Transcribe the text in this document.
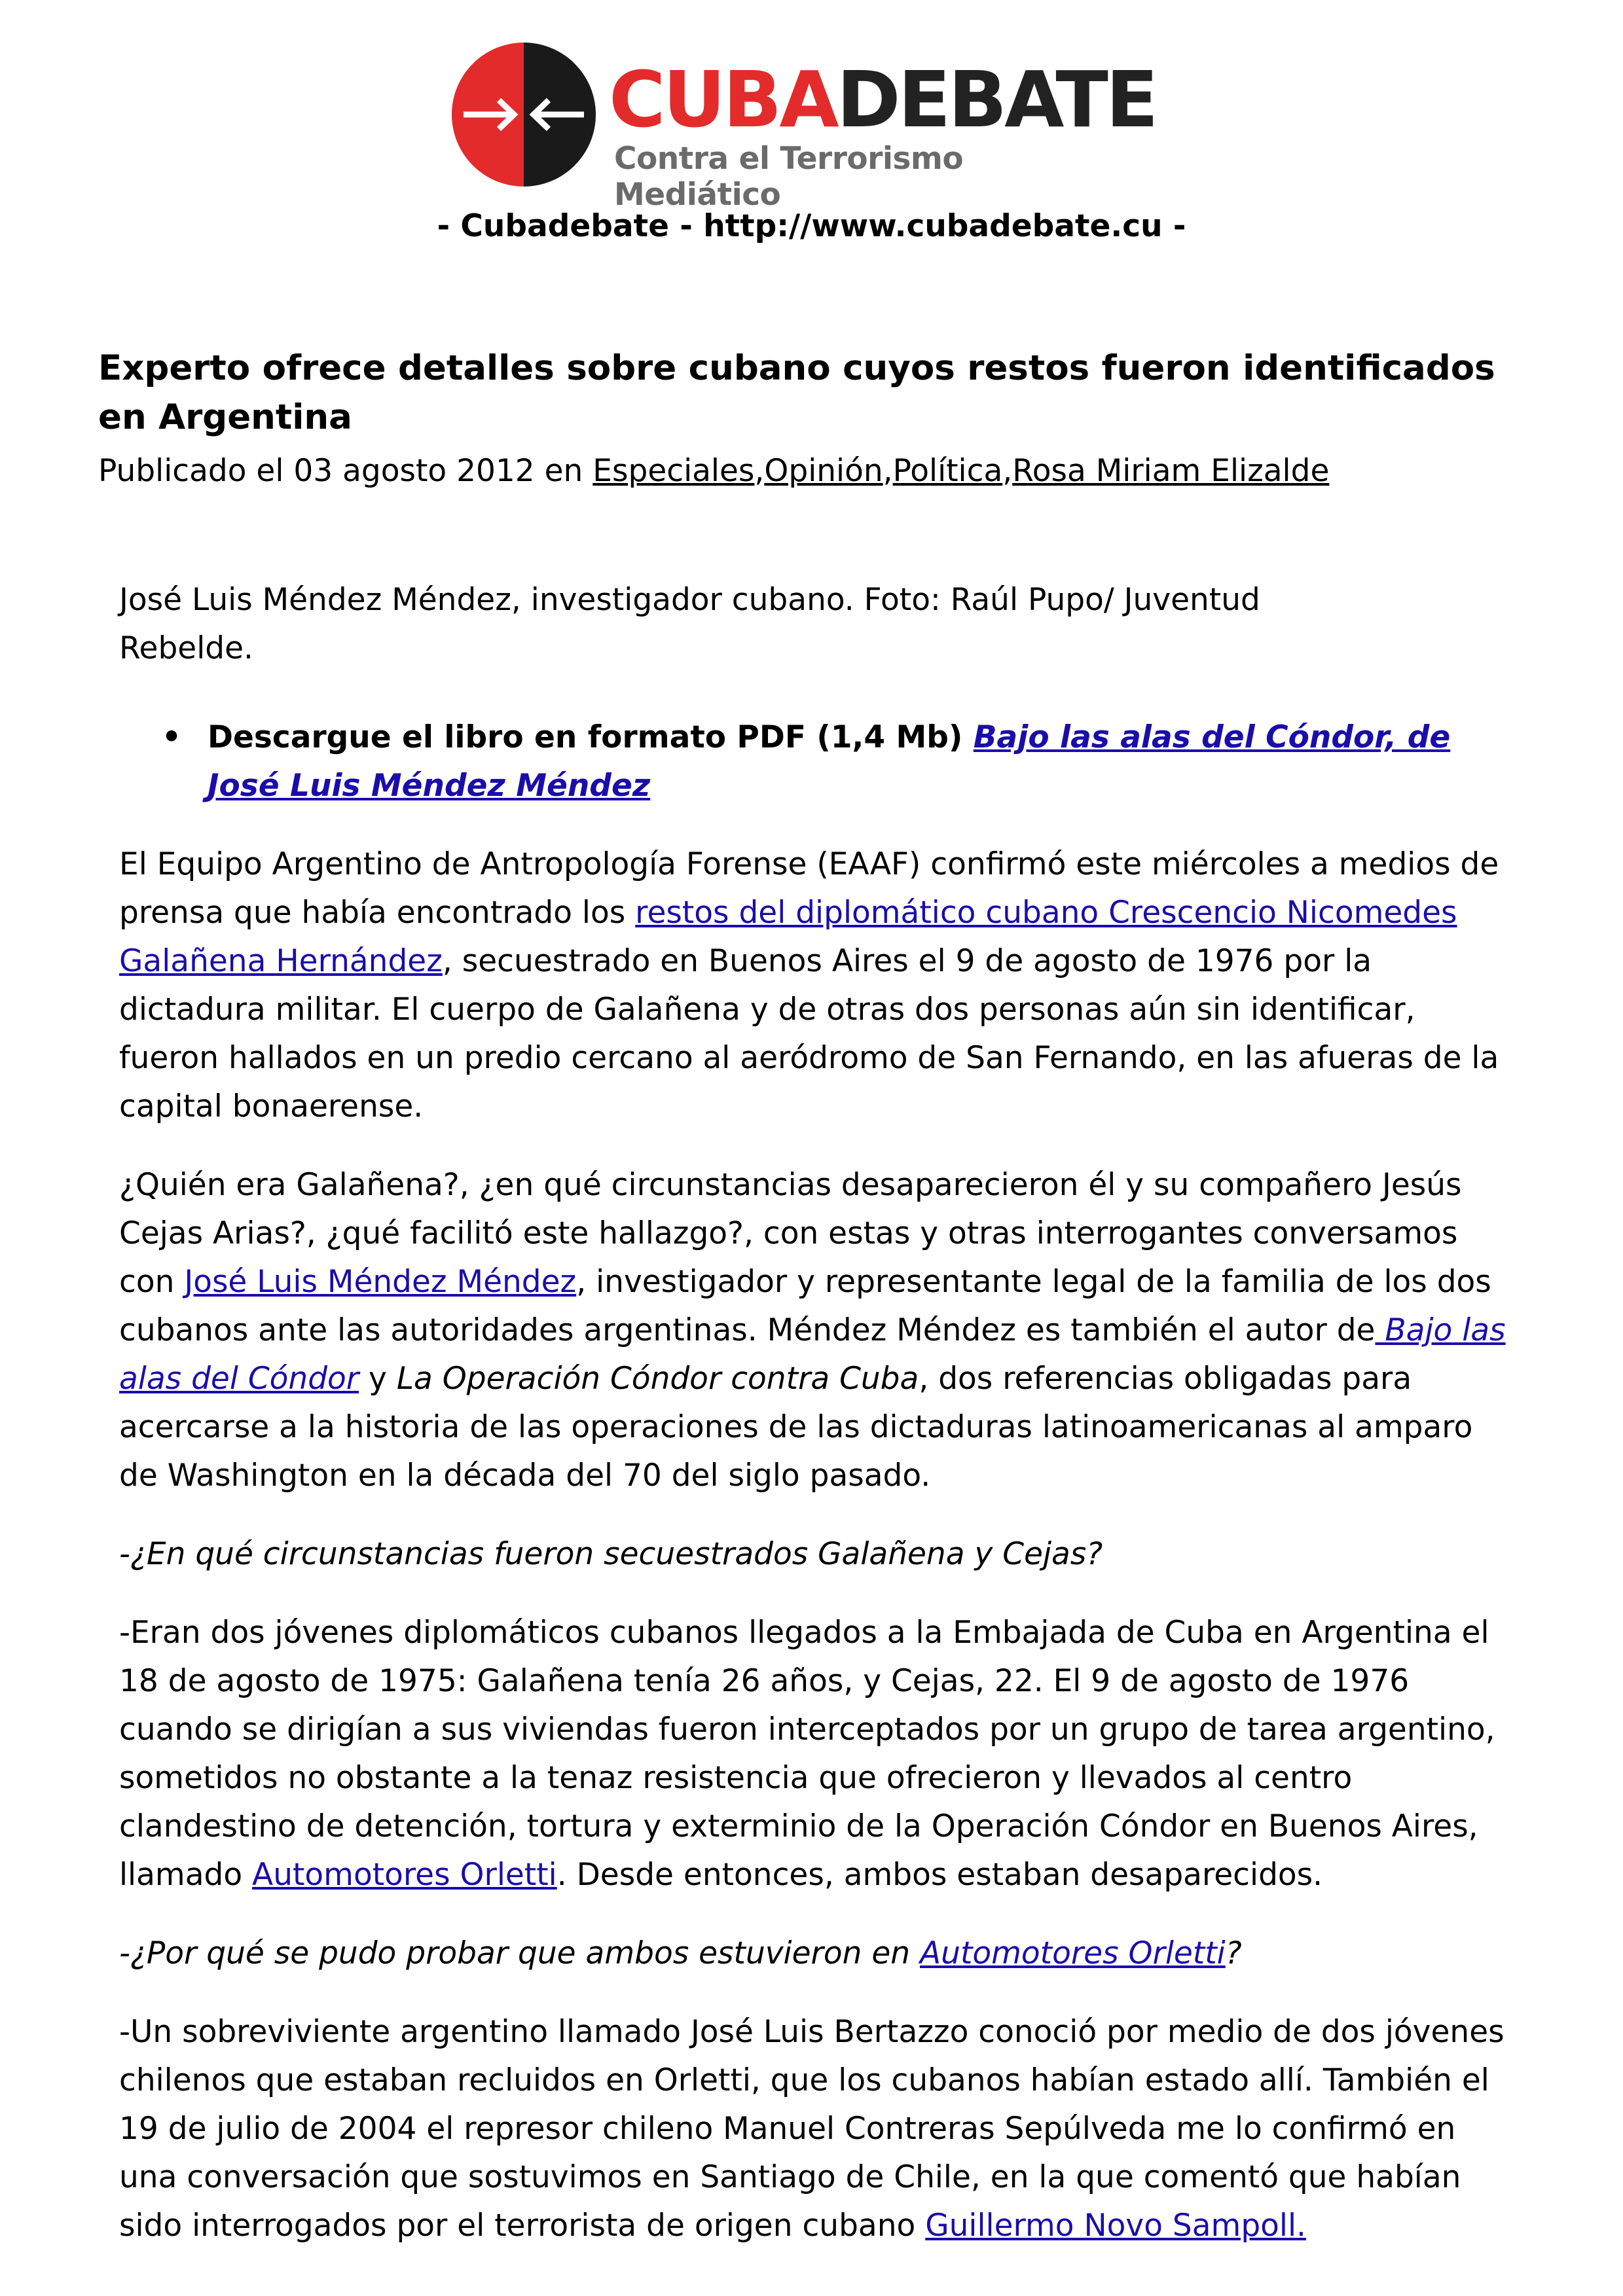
CUBADEBATE
Contra el Terrorismo Mediático
- Cubadebate - http://www.cubadebate.cu -
Experto ofrece detalles sobre cubano cuyos restos fueron identificados en Argentina
Publicado el 03 agosto 2012 en Especiales,Opinión,Política,Rosa Miriam Elizalde

José Luis Méndez Méndez, investigador cubano. Foto: Raúl Pupo/ Juventud Rebelde.

• Descargue el libro en formato PDF (1,4 Mb) Bajo las alas del Cóndor, de José Luis Méndez Méndez

El Equipo Argentino de Antropología Forense (EAAF) confirmó este miércoles a medios de prensa que había encontrado los restos del diplomático cubano Crescencio Nicomedes Galañena Hernández, secuestrado en Buenos Aires el 9 de agosto de 1976 por la dictadura militar. El cuerpo de Galañena y de otras dos personas aún sin identificar, fueron hallados en un predio cercano al aeródromo de San Fernando, en las afueras de la capital bonaerense.

¿Quién era Galañena?, ¿en qué circunstancias desaparecieron él y su compañero Jesús Cejas Arias?, ¿qué facilitó este hallazgo?, con estas y otras interrogantes conversamos con José Luis Méndez Méndez, investigador y representante legal de la familia de los dos cubanos ante las autoridades argentinas. Méndez Méndez es también el autor de Bajo las alas del Cóndor y La Operación Cóndor contra Cuba, dos referencias obligadas para acercarse a la historia de las operaciones de las dictaduras latinoamericanas al amparo de Washington en la década del 70 del siglo pasado.

-¿En qué circunstancias fueron secuestrados Galañena y Cejas?

-Eran dos jóvenes diplomáticos cubanos llegados a la Embajada de Cuba en Argentina el 18 de agosto de 1975: Galañena tenía 26 años, y Cejas, 22. El 9 de agosto de 1976 cuando se dirigían a sus viviendas fueron interceptados por un grupo de tarea argentino, sometidos no obstante a la tenaz resistencia que ofrecieron y llevados al centro clandestino de detención, tortura y exterminio de la Operación Cóndor en Buenos Aires, llamado Automotores Orletti. Desde entonces, ambos estaban desaparecidos.

-¿Por qué se pudo probar que ambos estuvieron en Automotores Orletti?

-Un sobreviviente argentino llamado José Luis Bertazzo conoció por medio de dos jóvenes chilenos que estaban recluidos en Orletti, que los cubanos habían estado allí. También el 19 de julio de 2004 el represor chileno Manuel Contreras Sepúlveda me lo confirmó en una conversación que sostuvimos en Santiago de Chile, en la que comentó que habían sido interrogados por el terrorista de origen cubano Guillermo Novo Sampoll.
